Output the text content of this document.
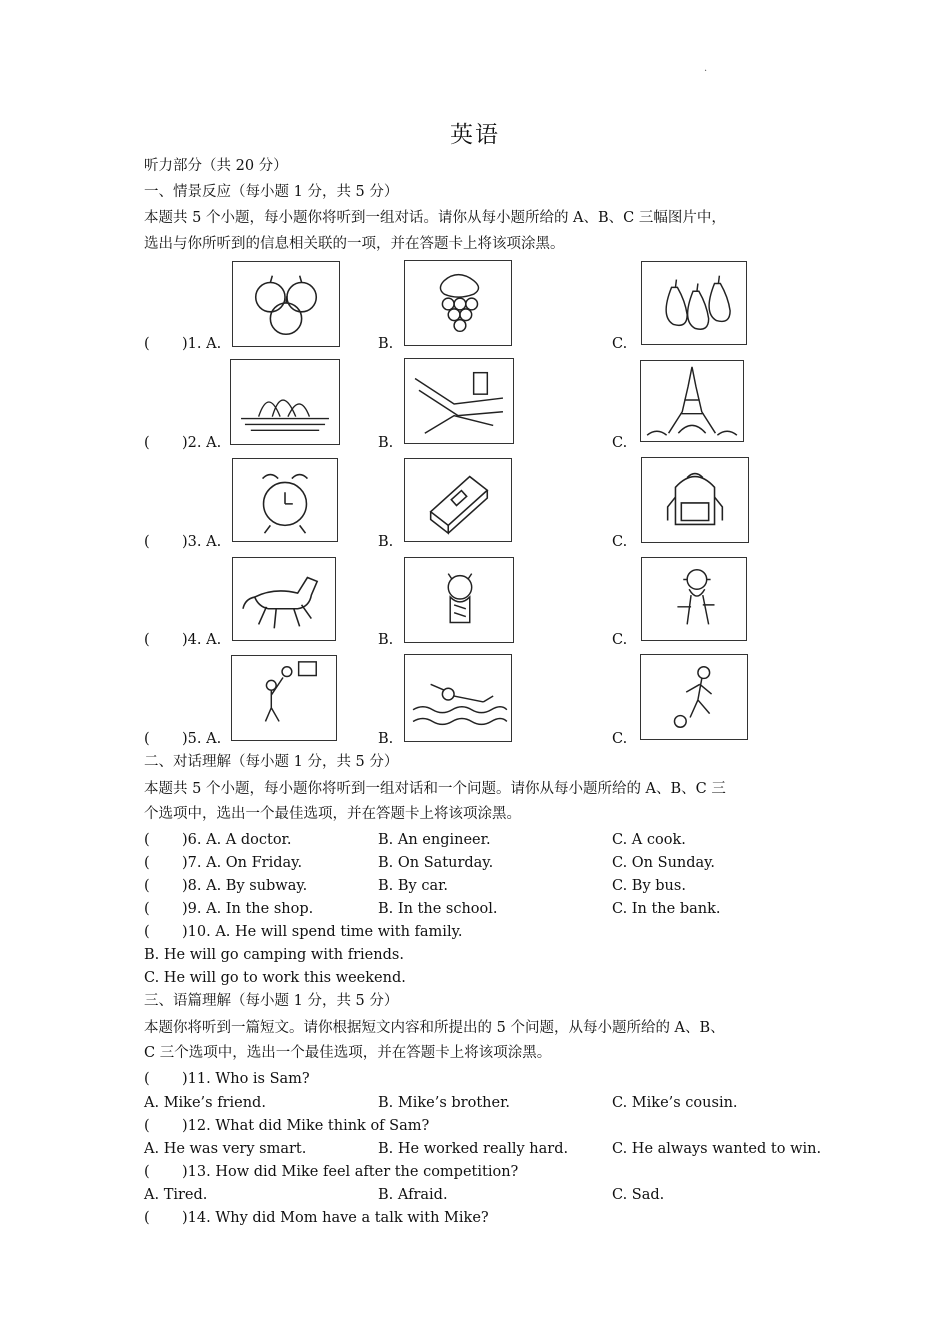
·
英语
听力部分（共 20 分）
一、情景反应（每小题 1 分，共 5 分）
本题共 5 个小题，每小题你将听到一组对话。请你从每小题所给的 A、B、C 三幅图片中，
选出与你所听到的信息相关联的一项，并在答题卡上将该项涂黑。
( )1. A.	B.	C.
( )2. A.	B.	C.
( )3. A.	B.	C.
( )4. A.	B.	C.
( )5. A.	B.	C.
二、对话理解（每小题 1 分，共 5 分）
本题共 5 个小题，每小题你将听到一组对话和一个问题。请你从每小题所给的 A、B、C 三
个选项中，选出一个最佳选项，并在答题卡上将该项涂黑。
( )6. A. A doctor.	B. An engineer.	C. A cook.
( )7. A. On Friday.	B. On Saturday.	C. On Sunday.
( )8. A. By subway.	B. By car.	C. By bus.
( )9. A. In the shop.	B. In the school.	C. In the bank.
( )10. A. He will spend time with family.
B. He will go camping with friends.
C. He will go to work this weekend.
三、语篇理解（每小题 1 分，共 5 分）
本题你将听到一篇短文。请你根据短文内容和所提出的 5 个问题，从每小题所给的 A、B、
C 三个选项中，选出一个最佳选项，并在答题卡上将该项涂黑。
( )11. Who is Sam?
A. Mike’s friend.	B. Mike’s brother.	C. Mike’s cousin.
( )12. What did Mike think of Sam?
A. He was very smart.	B. He worked really hard.	C. He always wanted to win.
( )13. How did Mike feel after the competition?
A. Tired.	B. Afraid.	C. Sad.
( )14. Why did Mom have a talk with Mike?
